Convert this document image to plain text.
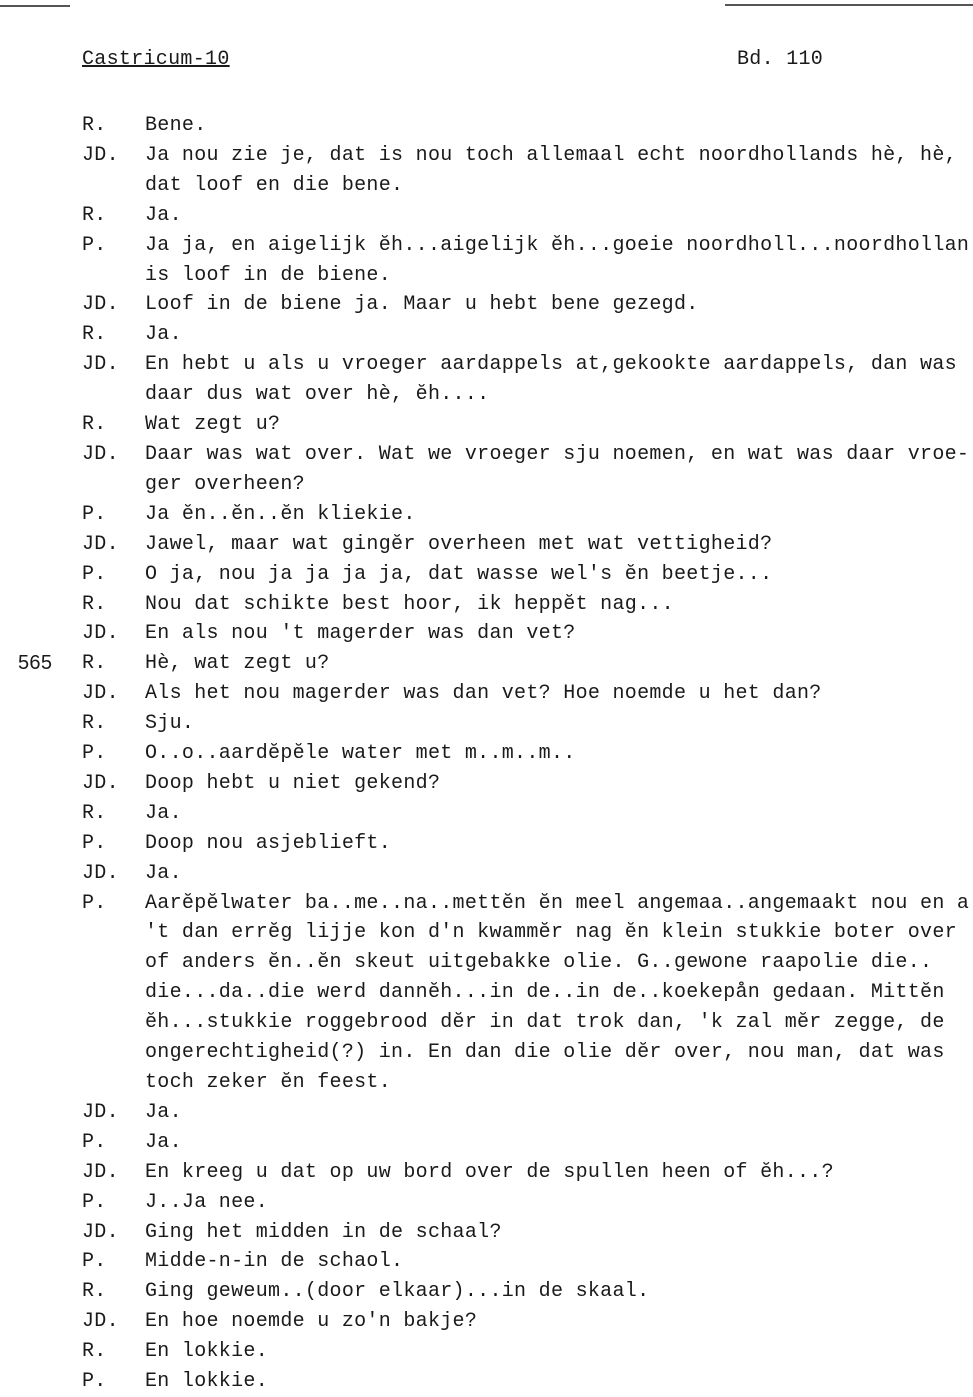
Castricum-10	Bd. 110
R.	Bene.
JD.	Ja nou zie je, dat is nou toch allemaal echt noordhollands hè, hè,
dat loof en die bene.
R.	Ja.
P.	Ja ja, en aigelijk ĕh...aigelijk ĕh...goeie noordholl...noordhollan
is loof in de biene.
JD.	Loof in de biene ja. Maar u hebt bene gezegd.
R.	Ja.
JD.	En hebt u als u vroeger aardappels at,gekookte aardappels, dan was
daar dus wat over hè, ĕh....
R.	Wat zegt u?
JD.	Daar was wat over. Wat we vroeger sju noemen, en wat was daar vroe-
ger overheen?
P.	Ja ĕn..ĕn..ĕn kliekie.
JD.	Jawel, maar wat gingĕr overheen met wat vettigheid?
P.	O ja, nou ja ja ja ja, dat wasse wel's ĕn beetje...
R.	Nou dat schikte best hoor, ik heppĕt nag...
JD.	En als nou 't magerder was dan vet?
565 R.	Hè, wat zegt u?
JD.	Als het nou magerder was dan vet? Hoe noemde u het dan?
R.	Sju.
P.	O..o..aardĕpĕle water met m..m..m..
JD.	Doop hebt u niet gekend?
R.	Ja.
P.	Doop nou asjeblieft.
JD.	Ja.
P.	Aarĕpĕlwater ba..me..na..mettĕn ĕn meel angemaa..angemaakt nou en a
't dan errĕg lijje kon d'n kwammĕr nag ĕn klein stukkie boter over
of anders ĕn..ĕn skeut uitgebakke olie. G..gewone raapolie die..
die...da..die werd dannĕh...in de..in de..koekepån gedaan. Mittĕn
ĕh...stukkie roggebrood dĕr in dat trok dan, 'k zal mĕr zegge, de
ongerechtigheid(?) in. En dan die olie dĕr over, nou man, dat was
toch zeker ĕn feest.
JD.	Ja.
P.	Ja.
JD.	En kreeg u dat op uw bord over de spullen heen of ĕh...?
P.	J..Ja nee.
JD.	Ging het midden in de schaal?
P.	Midde-n-in de schaol.
R.	Ging geweum..(door elkaar)...in de skaal.
JD.	En hoe noemde u zo'n bakje?
R.	En lokkie.
P.	En lokkie.
